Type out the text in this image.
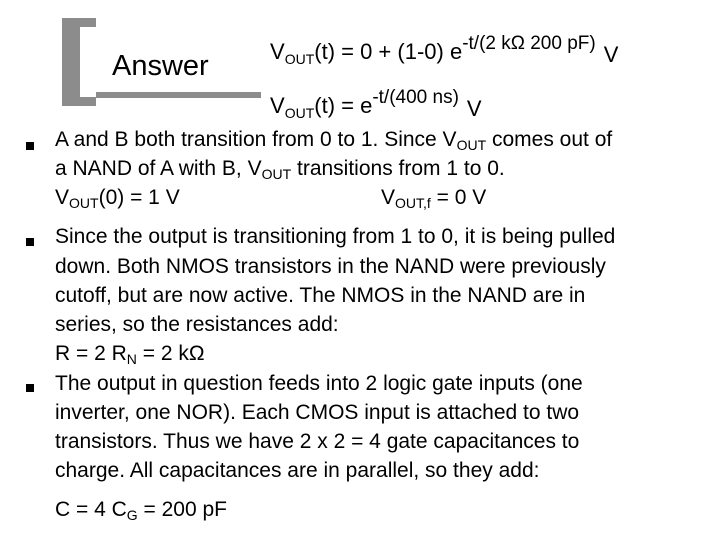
Answer	$V_{OUT}(t) = 0 + (1-0)$ $e^{-t/(2 k\Omega 200 pF)}$ V
$V_{OUT}(t) = e^{-t/(400 ns)}$ V
A and B both transition from 0 to 1. Since $V_{OUT}$ comes out of
a NAND of A with B, $V_{OUT}$ transitions from 1 to 0.
$V_{OUT}(0) = 1$ V	$V_{OUT,f} = 0$ V
Since the output is transitioning from 1 to 0, it is being pulled
down. Both NMOS transistors in the NAND were previously
cutoff, but are now active. The NMOS in the NAND are in
series, so the resistances add:
R = 2 $R_N = 2$ kΩ
The output in question feeds into 2 logic gate inputs (one
inverter, one NOR). Each CMOS input is attached to two
transistors. Thus we have 2 x 2 = 4 gate capacitances to
charge. All capacitances are in parallel, so they add:
C = 4 $C_G = 200$ pF
